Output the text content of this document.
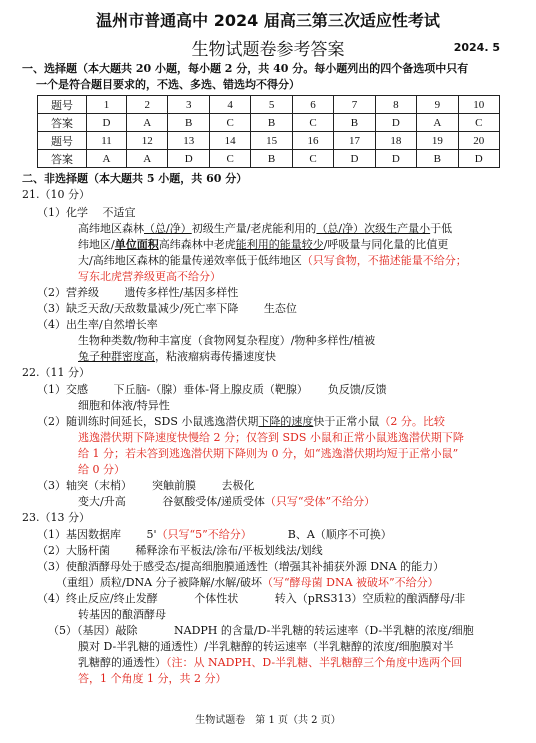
温州市普通高中 2024 届高三第三次适应性考试
生物试题卷参考答案	2024. 5
一、选择题（本大题共 20 小题，每小题 2 分，共 40 分。每小题列出的四个备选项中只有
一个是符合题目要求的，不选、多选、错选均不得分）
题号	1	2	3	4	5	6	7	8	9	10
答案	D	A	B	C	B	C	B	D	A	C
题号	11	12	13	14	15	16	17	18	19	20
答案	A	A	D	C	B	C	D	D	B	D
二、非选择题（本大题共 5 小题，共 60 分）
21.（10 分）
（1）化学　 不适宜
高纬地区森林（总/净）初级生产量/老虎能利用的（总/净）次级生产量小于低
纬地区/单位面积高纬森林中老虎能利用的能量较少/呼吸量与同化量的比值更
大/高纬地区森林的能量传递效率低于低纬地区（只写食物，不描述能量不给分；
写东北虎营养级更高不给分）
（2）营养级　　 遗传多样性/基因多样性
（3）缺乏天敌/天敌数量减少/死亡率下降　　 生态位
（4）出生率/自然增长率
生物种类数/物种丰富度（食物网复杂程度）/物种多样性/植被
兔子种群密度高，粘液瘤病毒传播速度快
22.（11 分）
（1）交感　　 下丘脑-（腺）垂体-肾上腺皮质（靶腺）　　 负反馈/反馈
细胞和体液/特异性
（2）随训练时间延长，SDS 小鼠逃逸潜伏期下降的速度快于正常小鼠（2 分。比较
逃逸潜伏期下降速度快慢给 2 分；仅答到 SDS 小鼠和正常小鼠逃逸潜伏期下降
给 1 分；若未答到逃逸潜伏期下降则为 0 分，如“逃逸潜伏期均短于正常小鼠”
给 0 分）
（3）轴突（末梢）　　 突触前膜　　 去极化
变大/升高　　　 谷氨酸受体/递质受体（只写“受体”不给分）
23.（13 分）
（1）基因数据库　　 5'（只写“5”不给分）	B、A（顺序不可换）
（2）大肠杆菌　　 稀释涂布平板法/涂布/平板划线法/划线
（3）使酿酒酵母处于感受态/提高细胞膜通透性（增强其补捕获外源 DNA 的能力）
（重组）质粒/DNA 分子被降解/水解/破坏（写“酵母菌 DNA 被破坏”不给分）
（4）终止反应/终止发酵　　　 个体性状　　　 转入（pRS313）空质粒的酿酒酵母/非
转基因的酿酒酵母
（5）（基因）敲除　　　 NADPH 的含量/D-半乳糖的转运速率（D-半乳糖的浓度/细胞
膜对 D-半乳糖的通透性）/半乳糖醇的转运速率（半乳糖醇的浓度/细胞膜对半
乳糖醇的通透性）（注：从 NADPH、D-半乳糖、半乳糖醇三个角度中选两个回
答，1 个角度 1 分，共 2 分）
生物试题卷　第 1 页（共 2 页）
